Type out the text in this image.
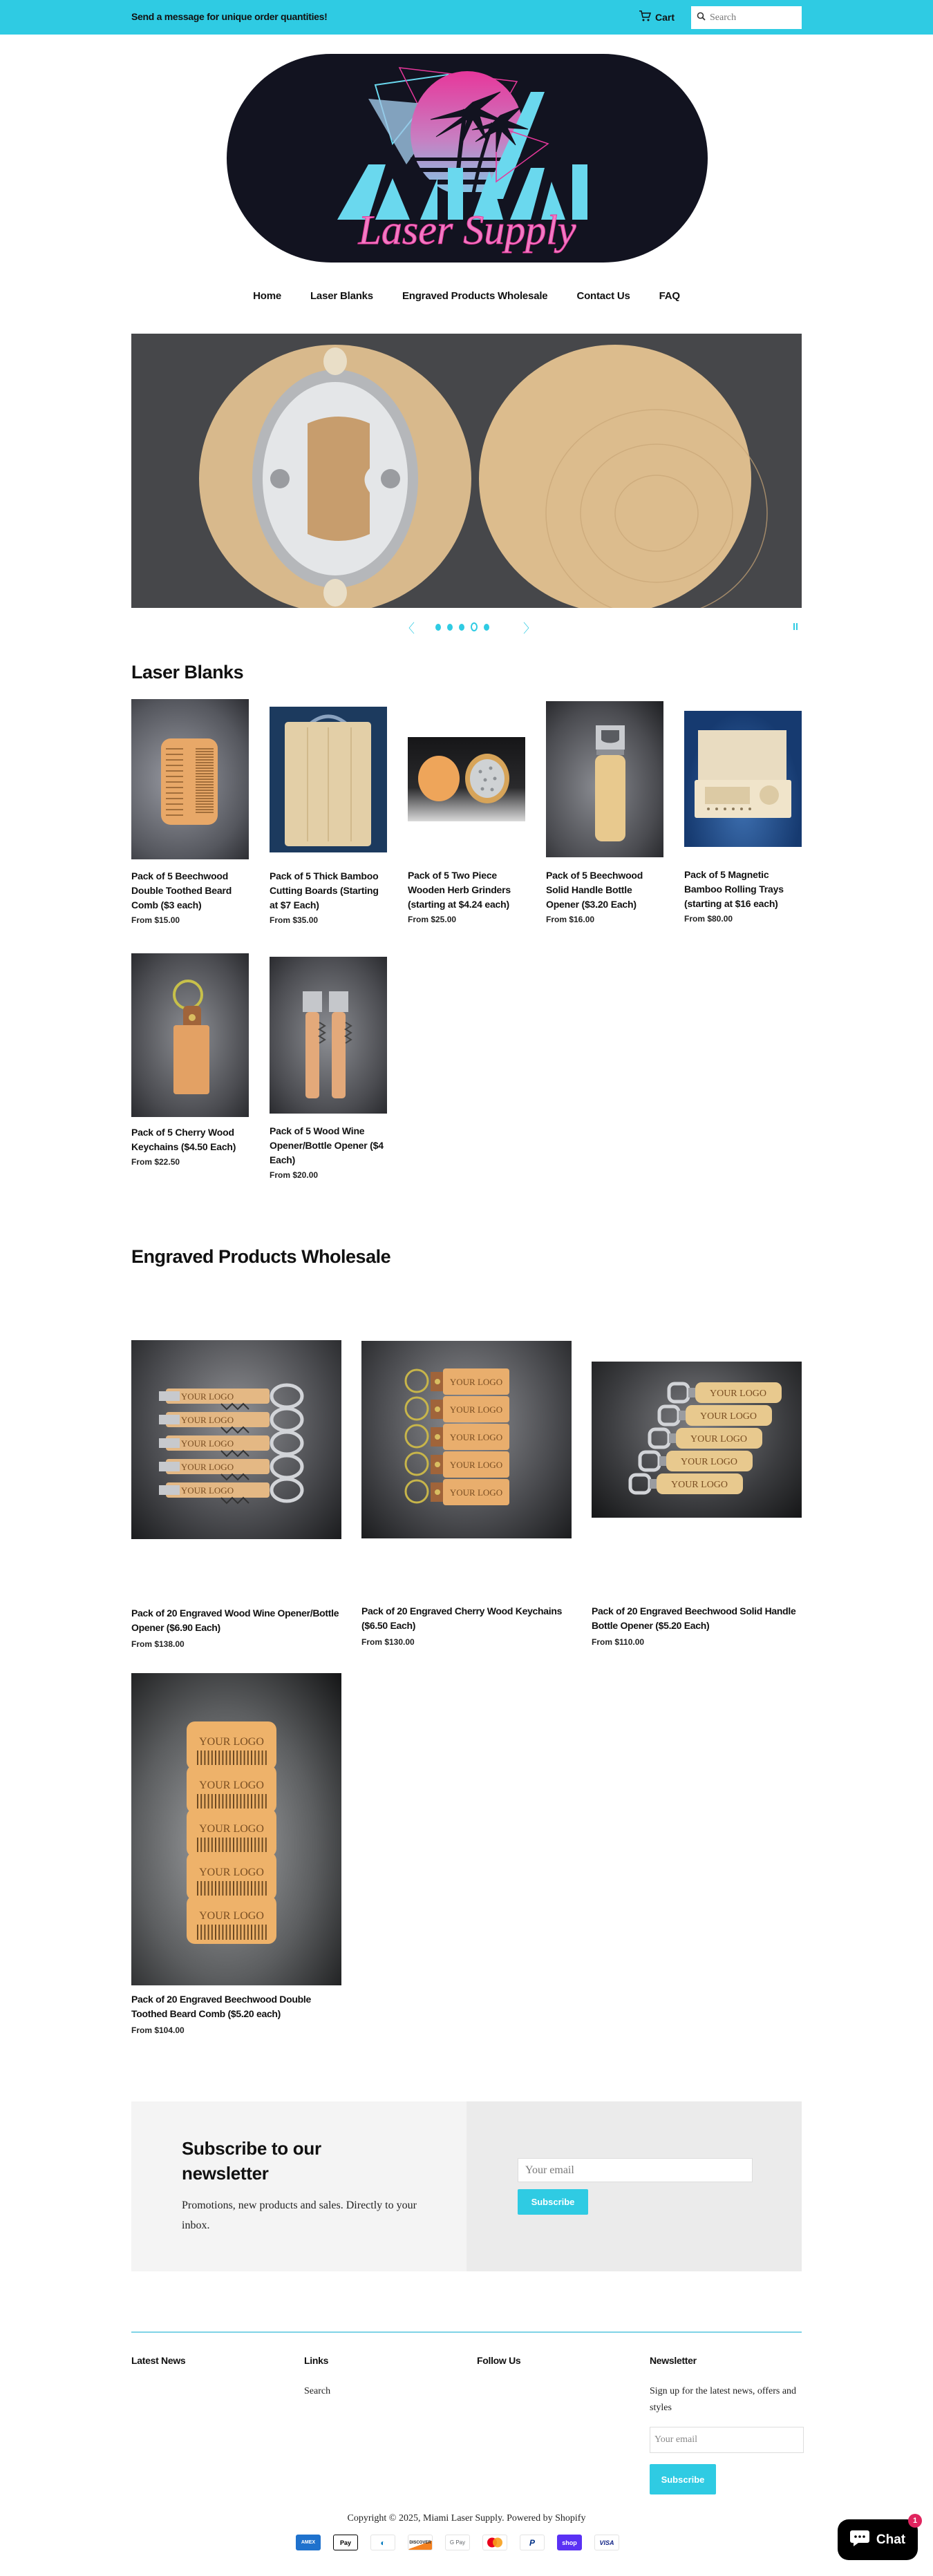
Send a message for unique order quantities!	Cart
Search
Laser Supply
Home	Laser Blanks	Engraved Products Wholesale	Contact Us	FAQ
〈	〉
Laser Blanks
Pack of 5 Beechwood Double Toothed Beard Comb ($3 each)
From $15.00
Pack of 5 Thick Bamboo Cutting Boards (Starting at $7 Each)
From $35.00
Pack of 5 Two Piece Wooden Herb Grinders (starting at $4.24 each)
From $25.00
Pack of 5 Beechwood Solid Handle Bottle Opener ($3.20 Each)
From $16.00
Pack of 5 Magnetic Bamboo Rolling Trays (starting at $16 each)
From $80.00
Pack of 5 Cherry Wood Keychains ($4.50 Each)
From $22.50
Pack of 5 Wood Wine Opener/Bottle Opener ($4 Each)
From $20.00
Engraved Products Wholesale
YOUR LOGO
YOUR LOGO
YOUR LOGO
YOUR LOGO
YOUR LOGO
Pack of 20 Engraved Wood Wine Opener/Bottle Opener ($6.90 Each)
From $138.00
YOUR LOGO
YOUR LOGO
YOUR LOGO
YOUR LOGO
YOUR LOGO
Pack of 20 Engraved Cherry Wood Keychains ($6.50 Each)
From $130.00
YOUR LOGO
YOUR LOGO
YOUR LOGO
YOUR LOGO
YOUR LOGO
Pack of 20 Engraved Beechwood Solid Handle Bottle Opener ($5.20 Each)
From $110.00
YOUR LOGO
YOUR LOGO
YOUR LOGO
YOUR LOGO
YOUR LOGO
Pack of 20 Engraved Beechwood Double Toothed Beard Comb ($5.20 each)
From $104.00
Subscribe to our newsletter

Promotions, new products and sales. Directly to your inbox.

Your email
Subscribe
Latest News	Links
Search
Follow Us	Newsletter
Sign up for the latest news, offers and styles
Your email
Subscribe
Copyright © 2025, Miami Laser Supply. Powered by Shopify
AMEX	Pay	◐	DISCOVER	G Pay	P	shop	VISA	Chat
1
